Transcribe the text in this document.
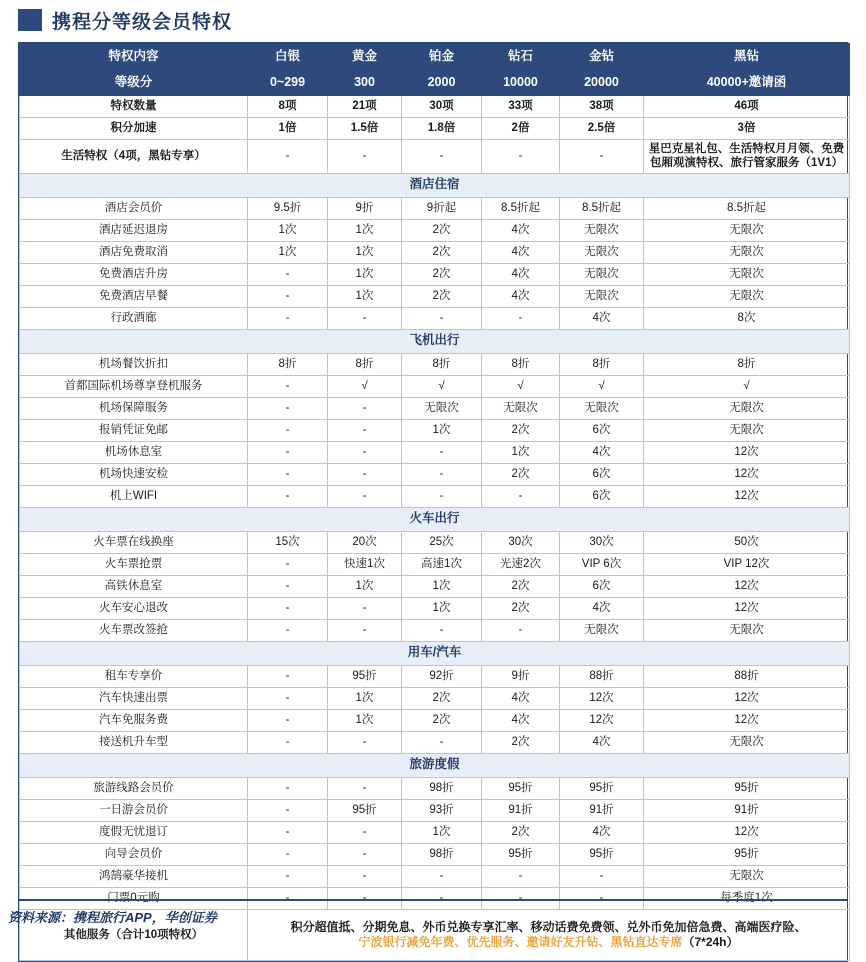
携程分等级会员特权
特权内容	白银	黄金	铂金	钻石	金钻	黑钻
等级分	0~299	300	2000	10000	20000	40000+邀请函
特权数量	8项	21项	30项	33项	38项	46项
积分加速	1倍	1.5倍	1.8倍	2倍	2.5倍	3倍
生活特权（4项，黑钻专享）	-	-	-	-	-	星巴克星礼包、生活特权月月领、免费包厢观演特权、旅行管家服务（1V1）
酒店住宿						
酒店会员价	9.5折	9折	9折起	8.5折起	8.5折起	8.5折起
酒店延迟退房	1次	1次	2次	4次	无限次	无限次
酒店免费取消	1次	1次	2次	4次	无限次	无限次
免费酒店升房	-	1次	2次	4次	无限次	无限次
免费酒店早餐	-	1次	2次	4次	无限次	无限次
行政酒廊	-	-	-	-	4次	8次
飞机出行						
机场餐饮折扣	8折	8折	8折	8折	8折	8折
首都国际机场尊享登机服务	-	√	√	√	√	√
机场保障服务	-	-	无限次	无限次	无限次	无限次
报销凭证免邮	-	-	1次	2次	6次	无限次
机场休息室	-	-	-	1次	4次	12次
机场快速安检	-	-	-	2次	6次	12次
机上WIFI	-	-	-	-	6次	12次
火车出行						
火车票在线换座	15次	20次	25次	30次	30次	50次
火车票抢票	-	快速1次	高速1次	光速2次	VIP 6次	VIP 12次
高铁休息室	-	1次	1次	2次	6次	12次
火车安心退改	-	-	1次	2次	4次	12次
火车票改签抢	-	-	-	-	无限次	无限次
用车/汽车						
租车专享价	-	95折	92折	9折	88折	88折
汽车快速出票	-	1次	2次	4次	12次	12次
汽车免服务费	-	1次	2次	4次	12次	12次
接送机升车型	-	-	-	2次	4次	无限次
旅游度假						
旅游线路会员价	-	-	98折	95折	95折	95折
一日游会员价	-	95折	93折	91折	91折	91折
度假无忧退订	-	-	1次	2次	4次	12次
向导会员价	-	-	98折	95折	95折	95折
鸿鹄豪华接机	-	-	-	-	-	无限次
门票0元购	-	-	-	-	-	每季度1次
其他服务（合计10项特权）	积分超值抵、分期免息、外币兑换专享汇率、移动话费免费领、兑外币免加倍急费、高端医疗险、
宁波银行减免年费、优先服务、邀请好友升钻、黑钻直达专席（7*24h）					
资料来源：携程旅行APP，华创证券
